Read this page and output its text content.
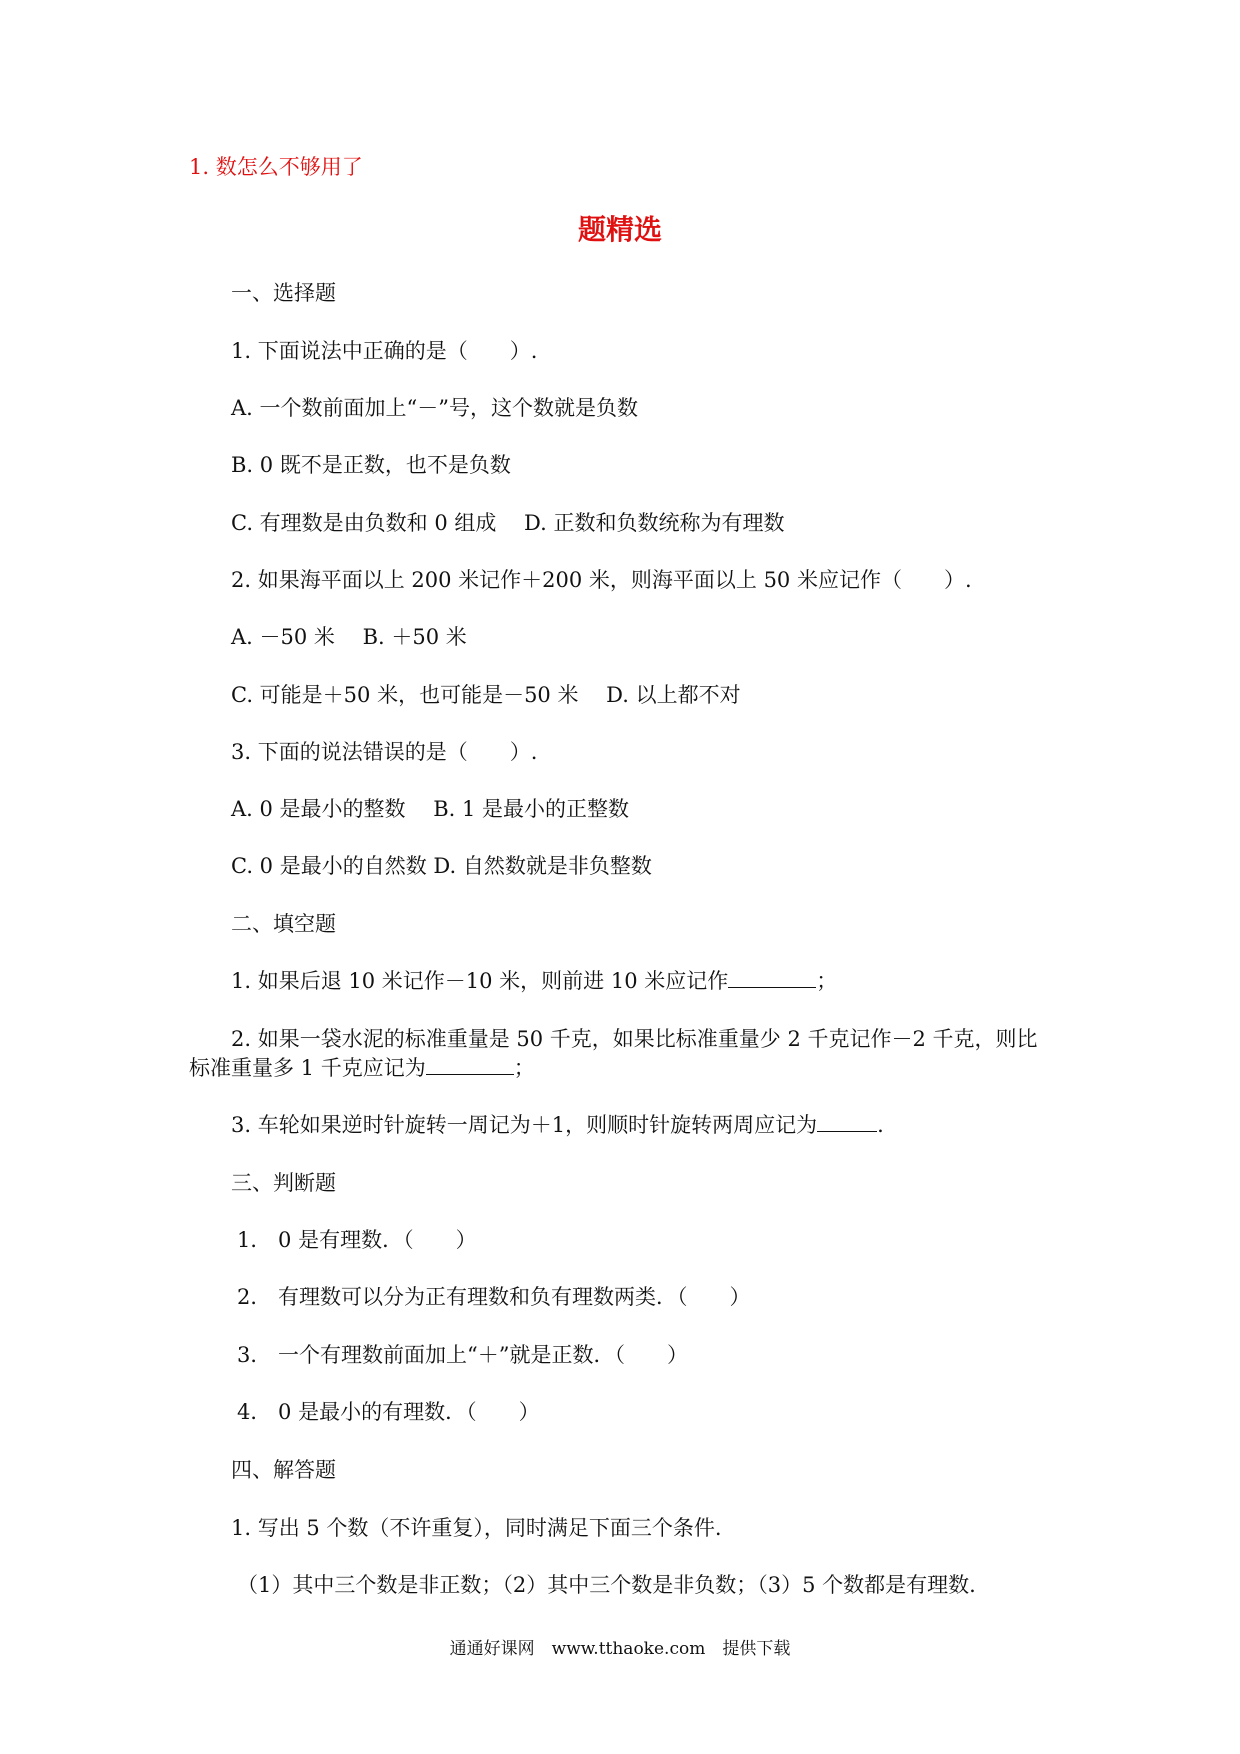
1. 数怎么不够用了
题精选
一、选择题
1. 下面说法中正确的是（　　）.
A. 一个数前面加上“－”号，这个数就是负数
B. 0 既不是正数，也不是负数
C. 有理数是由负数和 0 组成　 D. 正数和负数统称为有理数
2. 如果海平面以上 200 米记作＋200 米，则海平面以上 50 米应记作（　　）.
A. －50 米　 B. ＋50 米
C. 可能是＋50 米，也可能是－50 米　 D. 以上都不对
3. 下面的说法错误的是（　　）.
A. 0 是最小的整数　 B. 1 是最小的正整数
C. 0 是最小的自然数 D. 自然数就是非负整数
二、填空题
1. 如果后退 10 米记作－10 米，则前进 10 米应记作	；
2. 如果一袋水泥的标准重量是 50 千克，如果比标准重量少 2 千克记作－2 千克，则比
标准重量多 1 千克应记为	；
3. 车轮如果逆时针旋转一周记为＋1，则顺时针旋转两周应记为	.
三、判断题
1． 0 是有理数．（　　）
2． 有理数可以分为正有理数和负有理数两类．（　　）
3． 一个有理数前面加上“＋”就是正数．（　　）
4． 0 是最小的有理数．（　　）
四、解答题
1. 写出 5 个数（不许重复），同时满足下面三个条件.
（1）其中三个数是非正数；（2）其中三个数是非负数；（3）5 个数都是有理数.
通通好课网　www.tthaoke.com　提供下载
